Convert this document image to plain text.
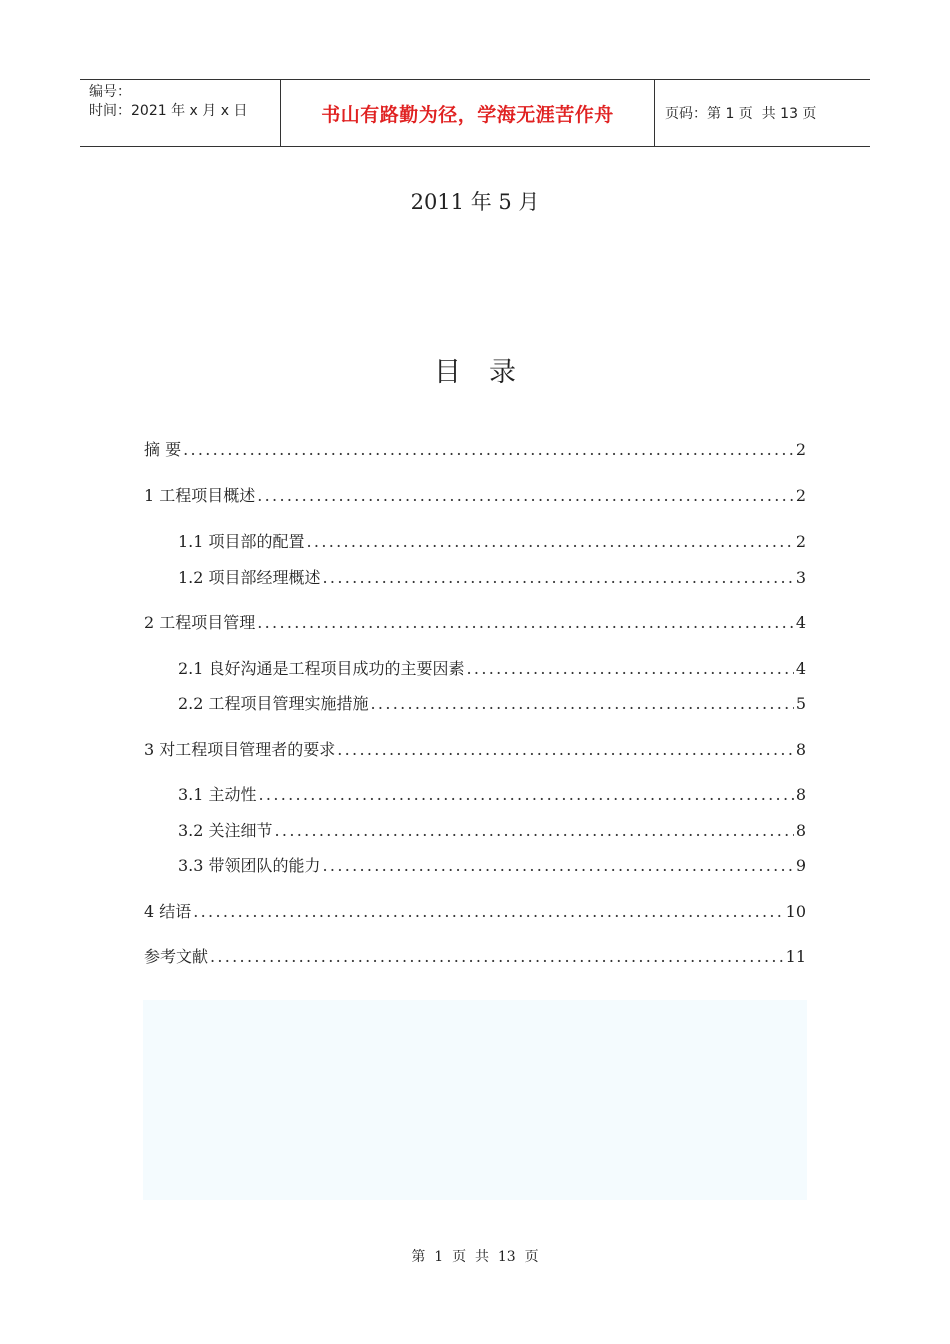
编号：
时间：2021 年 x 月 x 日	书山有路勤为径，学海无涯苦作舟	页码：第 1 页  共 13 页
2011 年 5 月
目录
摘 要 .....	2
1 工程项目概述 .....	2
1.1 项目部的配置 .....	2
1.2 项目部经理概述 .....	3
2 工程项目管理 .....	4
2.1 良好沟通是工程项目成功的主要因素 .....	4
2.2 工程项目管理实施措施 .....	5
3 对工程项目管理者的要求 .....	8
3.1 主动性 .....	8
3.2 关注细节 .....	8
3.3 带领团队的能力 .....	9
4 结语 .....	10
参考文献 .....	11
第  1  页  共  13  页
